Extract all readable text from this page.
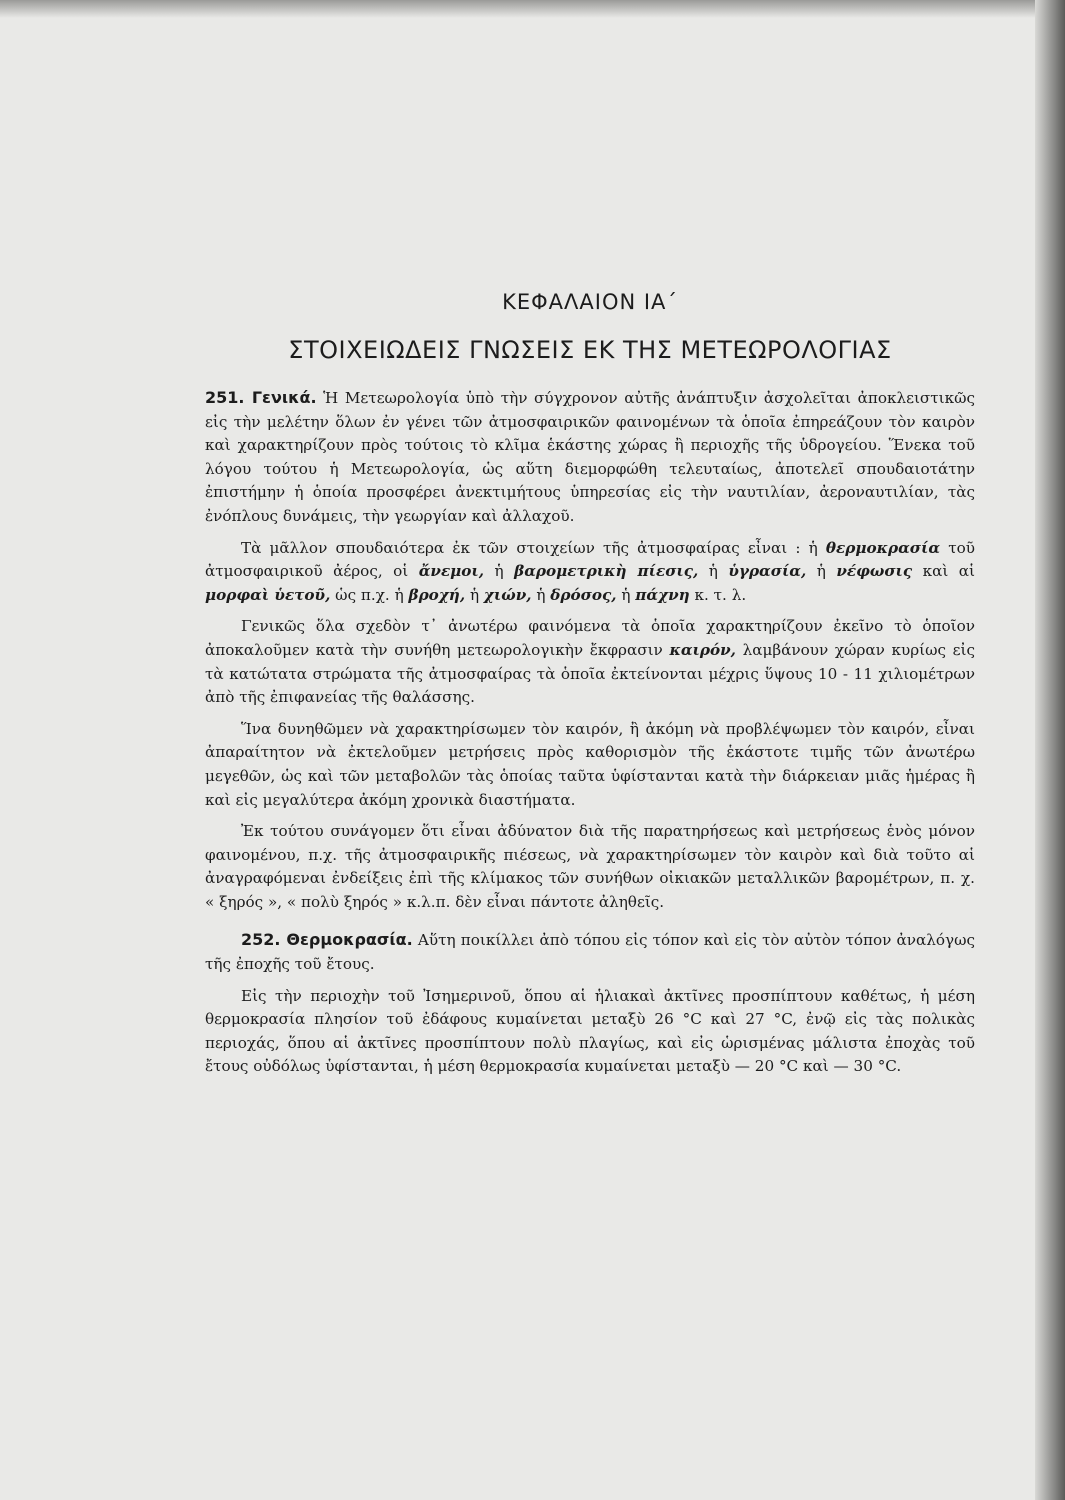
ΚΕΦΑΛΑΙΟΝ ΙΑ΄
ΣΤΟΙΧΕΙΩΔΕΙΣ ΓΝΩΣΕΙΣ ΕΚ ΤΗΣ ΜΕΤΕΩΡΟΛΟΓΙΑΣ

251. Γενικά. Ἡ Μετεωρολογία ὑπὸ τὴν σύγχρονον αὐτῆς ἀνάπτυξιν ἀσχολεῖται ἀποκλειστικῶς εἰς τὴν μελέτην ὅλων ἐν γένει τῶν ἀτμοσφαιρικῶν φαινομένων τὰ ὁποῖα ἐπηρεάζουν τὸν καιρὸν καὶ χαρακτηρίζουν πρὸς τούτοις τὸ κλῖμα ἑκάστης χώρας ἢ περιοχῆς τῆς ὑδρογείου. Ἕνεκα τοῦ λόγου τούτου ἡ Μετεωρολογία, ὡς αὕτη διεμορφώθη τελευταίως, ἀποτελεῖ σπουδαιοτάτην ἐπιστήμην ἡ ὁποία προσφέρει ἀνεκτιμήτους ὑπηρεσίας εἰς τὴν ναυτιλίαν, ἀεροναυτιλίαν, τὰς ἐνόπλους δυνάμεις, τὴν γεωργίαν καὶ ἀλλαχοῦ.

Τὰ μᾶλλον σπουδαιότερα ἐκ τῶν στοιχείων τῆς ἀτμοσφαίρας εἶναι : ἡ θερμοκρασία τοῦ ἀτμοσφαιρικοῦ ἀέρος, οἱ ἄνεμοι, ἡ βαρομετρικὴ πίεσις, ἡ ὑγρασία, ἡ νέφωσις καὶ αἱ μορφαὶ ὑετοῦ, ὡς π.χ. ἡ βροχή, ἡ χιών, ἡ δρόσος, ἡ πάχνη κ. τ. λ.

Γενικῶς ὅλα σχεδὸν τ᾽ ἀνωτέρω φαινόμενα τὰ ὁποῖα χαρακτηρίζουν ἐκεῖνο τὸ ὁποῖον ἀποκαλοῦμεν κατὰ τὴν συνήθη μετεωρολογικὴν ἔκφρασιν καιρόν, λαμβάνουν χώραν κυρίως εἰς τὰ κατώτατα στρώματα τῆς ἀτμοσφαίρας τὰ ὁποῖα ἐκτείνονται μέχρις ὕψους 10 - 11 χιλιομέτρων ἀπὸ τῆς ἐπιφανείας τῆς θαλάσσης.

Ἵνα δυνηθῶμεν νὰ χαρακτηρίσωμεν τὸν καιρόν, ἢ ἀκόμη νὰ προβλέψωμεν τὸν καιρόν, εἶναι ἀπαραίτητον νὰ ἐκτελοῦμεν μετρήσεις πρὸς καθορισμὸν τῆς ἑκάστοτε τιμῆς τῶν ἀνωτέρω μεγεθῶν, ὡς καὶ τῶν μεταβολῶν τὰς ὁποίας ταῦτα ὑφίστανται κατὰ τὴν διάρκειαν μιᾶς ἡμέρας ἢ καὶ εἰς μεγαλύτερα ἀκόμη χρονικὰ διαστήματα.

Ἐκ τούτου συνάγομεν ὅτι εἶναι ἀδύνατον διὰ τῆς παρατηρήσεως καὶ μετρήσεως ἑνὸς μόνον φαινομένου, π.χ. τῆς ἀτμοσφαιρικῆς πιέσεως, νὰ χαρακτηρίσωμεν τὸν καιρὸν καὶ διὰ τοῦτο αἱ ἀναγραφόμεναι ἐνδείξεις ἐπὶ τῆς κλίμακος τῶν συνήθων οἰκιακῶν μεταλλικῶν βαρομέτρων, π. χ. « ξηρός », « πολὺ ξηρός » κ.λ.π. δὲν εἶναι πάντοτε ἀληθεῖς.

252. Θερμοκρασία. Αὕτη ποικίλλει ἀπὸ τόπου εἰς τόπον καὶ εἰς τὸν αὐτὸν τόπον ἀναλόγως τῆς ἐποχῆς τοῦ ἔτους.

Εἰς τὴν περιοχὴν τοῦ Ἰσημερινοῦ, ὅπου αἱ ἡλιακαὶ ἀκτῖνες προσπίπτουν καθέτως, ἡ μέση θερμοκρασία πλησίον τοῦ ἐδάφους κυμαίνεται μεταξὺ 26 °C καὶ 27 °C, ἐνῷ εἰς τὰς πολικὰς περιοχάς, ὅπου αἱ ἀκτῖνες προσπίπτουν πολὺ πλαγίως, καὶ εἰς ὡρισμένας μάλιστα ἐποχὰς τοῦ ἔτους οὐδόλως ὑφίστανται, ἡ μέση θερμοκρασία κυμαίνεται μεταξὺ — 20 °C καὶ — 30 °C.
